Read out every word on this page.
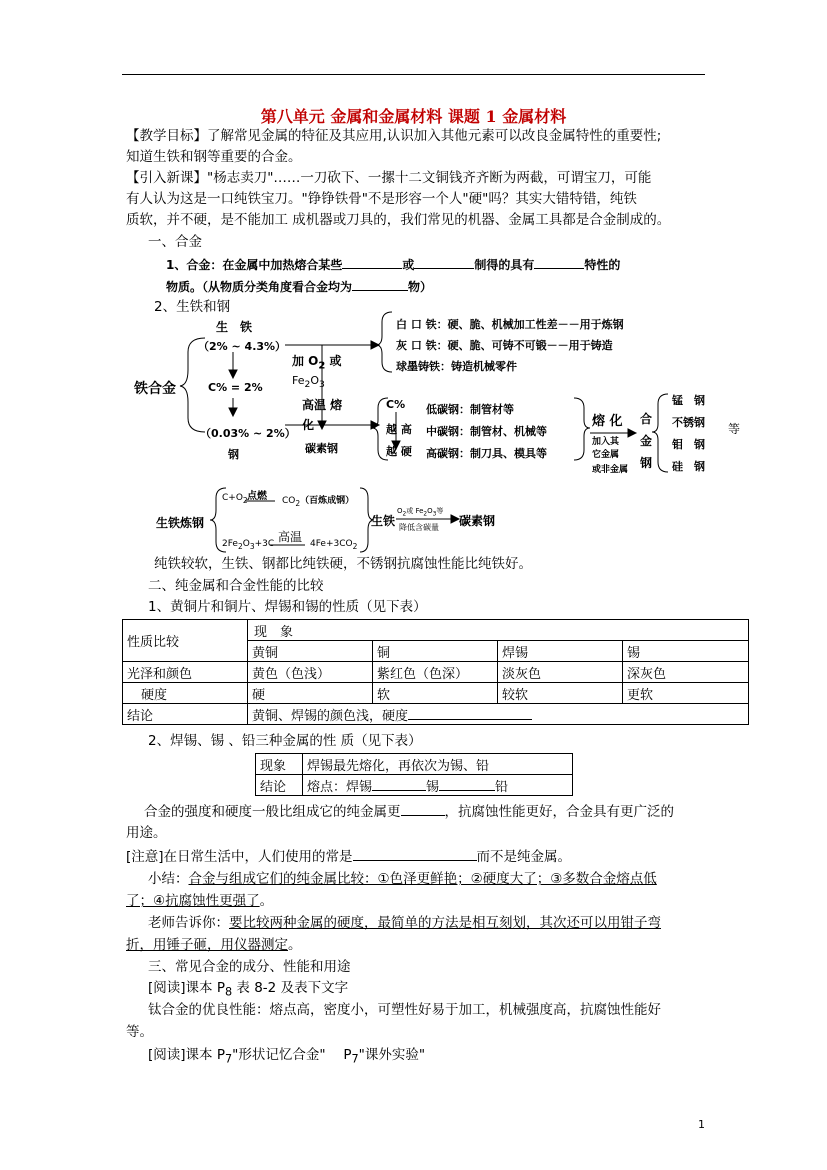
第八单元 金属和金属材料 课题 1 金属材料
【教学目标】了解常见金属的特征及其应用,认识加入其他元素可以改良金属特性的重要性;
知道生铁和钢等重要的合金。
【引入新课】"杨志卖刀"……一刀砍下、一摞十二文铜钱齐齐断为两截，可谓宝刀，可能
有人认为这是一口纯铁宝刀。"铮铮铁骨"不是形容一个人"硬"吗？其实大错特错，纯铁
质软，并不硬，是不能加工 成机器或刀具的，我们常见的机器、金属工具都是合金制成的。
一、合金
1、合金：在金属中加热熔合某些	或	制得的具有	特性的
物质。（从物质分类角度看合金均为	物）
2、生铁和钢
生　铁
（2% ~ 4.3%）
铁合金	C% = 2%
（0.03% ~ 2%）
钢
加 $O_2$ 或
$Fe_2O_3$
高温 熔
化
碳素钢
白 口 铁：硬、脆、机械加工性差－－用于炼钢
灰 口 铁：硬、脆、可铸不可锻－－用于铸造
球墨铸铁：铸造机械零件
C%
越 高
越 硬
低碳钢：制管材等
中碳钢：制管材、机械等
高碳钢：制刀具、模具等
熔 化
加入其
它金属
或非金属
合
金
钢
锰　钢
不锈钢
钼　钢
硅　钢
等
生铁炼钢
$C+O_2$ 点燃 $CO_2$（百炼成钢）
$2Fe_2O_3+3C$ 高温 $4Fe+3CO_2$
生铁
$O_2$或 $Fe_2O_3$等
降低含碳量 碳素钢
纯铁较软，生铁、钢都比纯铁硬，不锈钢抗腐蚀性能比纯铁好。
二、纯金属和合金性能的比较
1、黄铜片和铜片、焊锡和锡的性质（见下表）
性质比较	现　象			
	黄铜	铜	焊锡	锡
光泽和颜色	黄色（色浅）	紫红色（色深）	淡灰色	深灰色
硬度	硬	软	较软	更软
结论	黄铜、焊锡的颜色浅，硬度			
2、焊锡、锡 、铅三种金属的性 质（见下表）
现象	焊锡最先熔化，再依次为锡、铅
结论	熔点：焊锡 锡 铅
合金的强度和硬度一般比组成它的纯金属更	，抗腐蚀性能更好，合金具有更广泛的
用途。
[注意]在日常生活中，人们使用的常是	而不是纯金属。
小结：合金与组成它们的纯金属比较：①色泽更鲜艳；②硬度大了；③多数合金熔点低
了；④抗腐蚀性更强了。
老师告诉你：要比较两种金属的硬度，最简单的方法是相互刻划，其次还可以用钳子弯
折，用锤子砸，用仪器测定。
三、常见合金的成分、性能和用途
[阅读]课本 $P_8$ 表 8-2 及表下文字
钛合金的优良性能：熔点高，密度小，可塑性好易于加工，机械强度高，抗腐蚀性能好
等。
[阅读]课本 $P_7$"形状记忆合金"　 $P_7$"课外实验"
1
